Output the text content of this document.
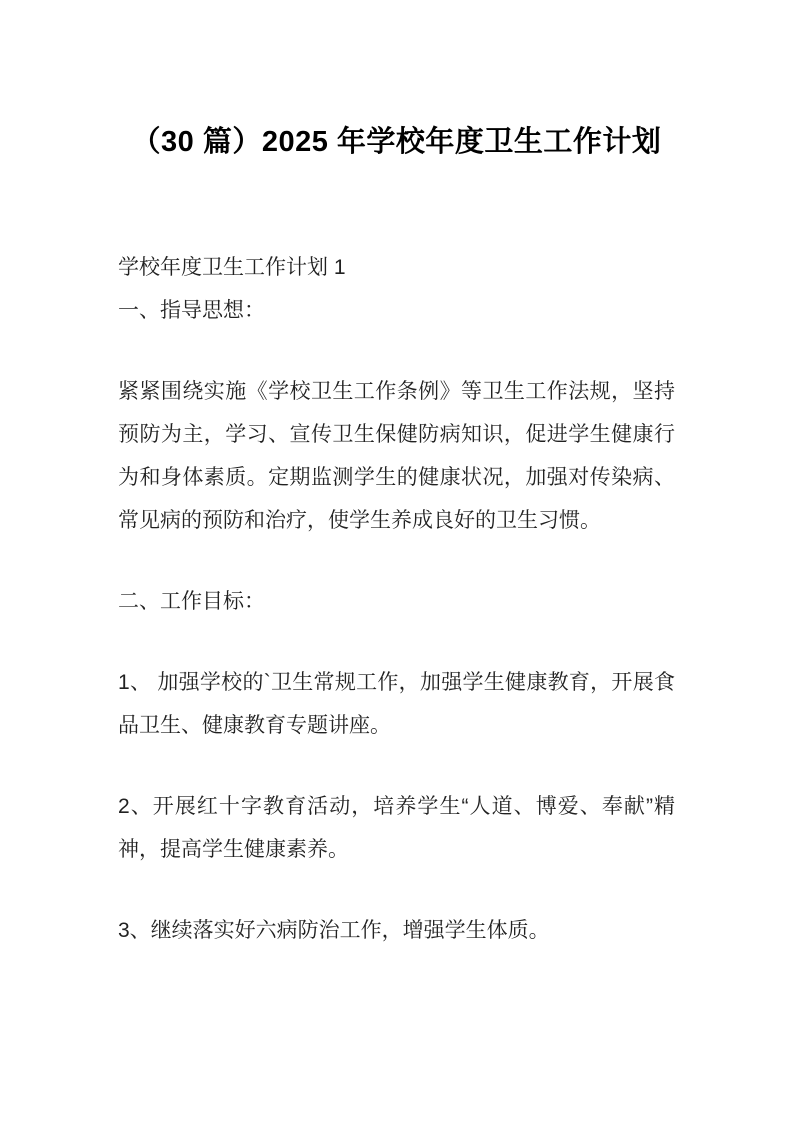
（30 篇）2025 年学校年度卫生工作计划

学校年度卫生工作计划 1

一、指导思想：

紧紧围绕实施《学校卫生工作条例》等卫生工作法规，坚持预防为主，学习、宣传卫生保健防病知识，促进学生健康行为和身体素质。定期监测学生的健康状况，加强对传染病、常见病的预防和治疗，使学生养成良好的卫生习惯。

二、工作目标：

1、 加强学校的`卫生常规工作，加强学生健康教育，开展食品卫生、健康教育专题讲座。

2、开展红十字教育活动，培养学生“人道、博爱、奉献”精神，提高学生健康素养。

3、继续落实好六病防治工作，增强学生体质。
